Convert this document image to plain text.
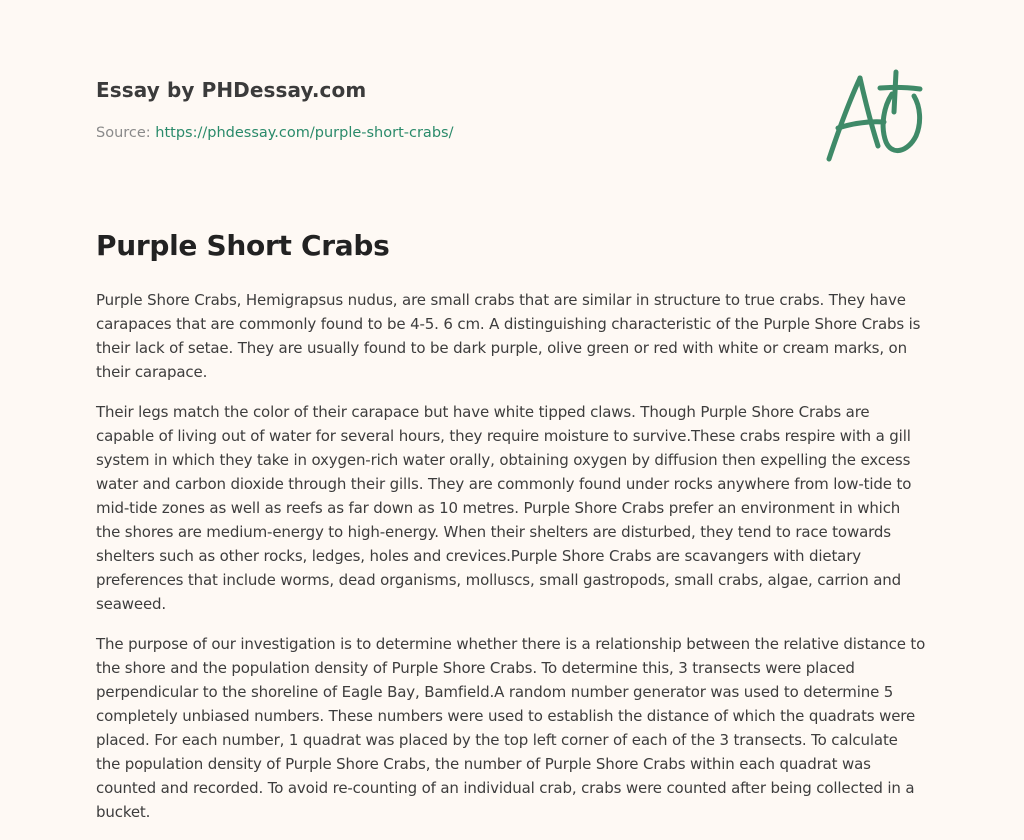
Essay by PHDessay.com

Source: https://phdessay.com/purple-short-crabs/
Purple Short Crabs

Purple Shore Crabs, Hemigrapsus nudus, are small crabs that are similar in structure to true crabs. They have carapaces that are commonly found to be 4-5. 6 cm. A distinguishing characteristic of the Purple Shore Crabs is their lack of setae. They are usually found to be dark purple, olive green or red with white or cream marks, on their carapace.

Their legs match the color of their carapace but have white tipped claws. Though Purple Shore Crabs are capable of living out of water for several hours, they require moisture to survive.These crabs respire with a gill system in which they take in oxygen-rich water orally, obtaining oxygen by diffusion then expelling the excess water and carbon dioxide through their gills. They are commonly found under rocks anywhere from low-tide to mid-tide zones as well as reefs as far down as 10 metres. Purple Shore Crabs prefer an environment in which the shores are medium-energy to high-energy. When their shelters are disturbed, they tend to race towards shelters such as other rocks, ledges, holes and crevices.Purple Shore Crabs are scavangers with dietary preferences that include worms, dead organisms, molluscs, small gastropods, small crabs, algae, carrion and seaweed.

The purpose of our investigation is to determine whether there is a relationship between the relative distance to the shore and the population density of Purple Shore Crabs. To determine this, 3 transects were placed perpendicular to the shoreline of Eagle Bay, Bamfield.A random number generator was used to determine 5 completely unbiased numbers. These numbers were used to establish the distance of which the quadrats were placed. For each number, 1 quadrat was placed by the top left corner of each of the 3 transects. To calculate the population density of Purple Shore Crabs, the number of Purple Shore Crabs within each quadrat was counted and recorded. To avoid re-counting of an individual crab, crabs were counted after being collected in a bucket.
